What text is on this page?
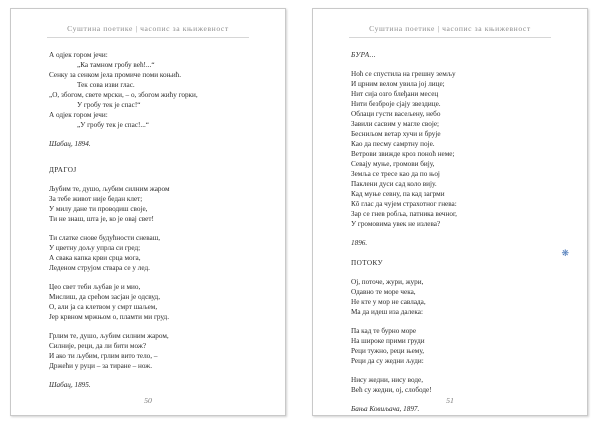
Суштина поетике | часопис за књижевност
А одјек гором јечи:
„Ка тамном гробу већ!...“
Сенку за сенком јела промиче поми коњић.
Тек сова изви глас.
„О, збогом, свете мрски, – о, збогом жићу горки,
У гробу тек је спас!“
А одјек гором јечи:
„У гробу тек је спас!...“
Шабац, 1894.
ДРАГОЈ
Љубим те, душо, љубим силним жаром
За тебе живот није бедан клет;
У милу дане ти проводиш своје,
Ти не знаш, шта је, ко је овај свет!
Ти слатке снове будућности сневаш,
У цветну дољу упрла си гред;
А свака капка крви срца мога,
Леденом струјом ствара се у лед.
Цео свет теби љубав је и мио,
Мислиш, да срећом засјан је одсвуд,
О, али ја са клетвом у смрт шаљем,
Јер крвном мржњом о, пламти ми груд.
Грлим те, душо, љубим силним жаром,
Силније, реци, да ли бити мож?
И ако ти љубим, грлим вито тело, –
Држећи у руци – за тиране – нож.
Шабац, 1895.
50
Суштина поетике | часопис за књижевност
БУРА...
Ноћ се спустила на грешну земљу
И црним велом увила јој лице;
Нит сија озго блеђани месец
Нити безброје сјају звездице.
Облаци густи васељену, небо
Завили сасвим у магле своје;
Бесниљом ветар хучи и брује
Као да песму самртну поје.
Ветрови звижде кроз поноћ неме;
Севају муње, громови бију,
Земља се тресе као да по њој
Паклени дуси сад коло вију.
Кад муње севну, па кад загрми
Кô глас да чујем страхотног гнева:
Зар се гнев робља, патника вечног,
У громовима увек не излева?
1896.
❋
ПОТОКУ
Ој, поточе, жури, жури,
Одавно те море чека,
Не кте у мор не савлада,
Ма да идеш иза далека:
Па кад те бурно море
На широке прими груди
Реци тужно, реци њему,
Реци да су жедни људи:
Нису жедни, нису воде,
Већ су жедни, ој, слободе!
Бања Ковиљача, 1897.
51
